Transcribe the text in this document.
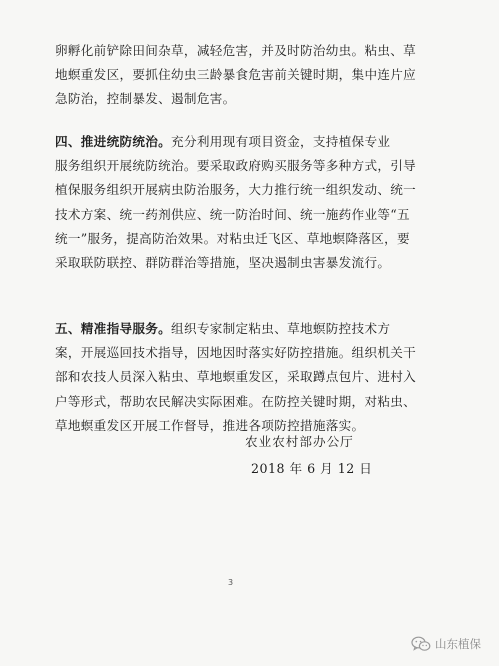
卵孵化前铲除田间杂草，减轻危害，并及时防治幼虫。粘虫、草
地螟重发区，要抓住幼虫三龄暴食危害前关键时期，集中连片应
急防治，控制暴发、遏制危害。

四、推进统防统治。充分利用现有项目资金，支持植保专业
服务组织开展统防统治。要采取政府购买服务等多种方式，引导
植保服务组织开展病虫防治服务，大力推行统一组织发动、统一
技术方案、统一药剂供应、统一防治时间、统一施药作业等“五
统一”服务，提高防治效果。对粘虫迁飞区、草地螟降落区，要
采取联防联控、群防群治等措施，坚决遏制虫害暴发流行。

五、精准指导服务。组织专家制定粘虫、草地螟防控技术方
案，开展巡回技术指导，因地因时落实好防控措施。组织机关干
部和农技人员深入粘虫、草地螟重发区，采取蹲点包片、进村入
户等形式，帮助农民解决实际困难。在防控关键时期，对粘虫、
草地螟重发区开展工作督导，推进各项防控措施落实。

农业农村部办公厅
2018 年 6 月 12 日
3
山东植保
